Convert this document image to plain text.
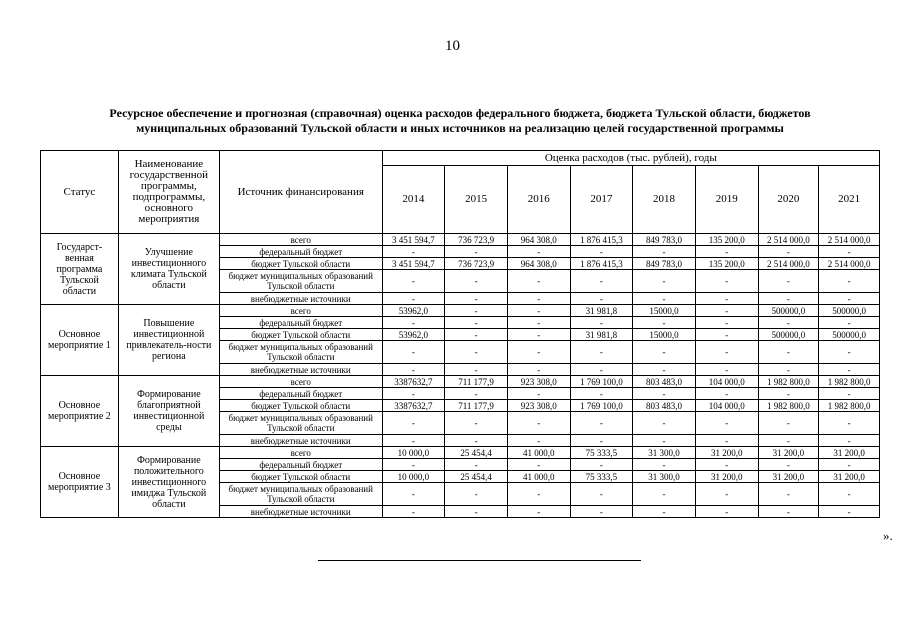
10
Ресурсное обеспечение и прогнозная (справочная) оценка расходов федерального бюджета, бюджета Тульской области, бюджетов
муниципальных образований Тульской области и иных источников на реализацию целей государственной программы
Статус	Наименование государственной программы, подпрограммы, основного мероприятия	Источник финансирования	Оценка расходов (тыс. рублей), годы							
			2014	2015	2016	2017	2018	2019	2020	2021
Государст-венная программа Тульской области	Улучшение инвестиционного климата Тульской области	всего	3 451 594,7	736 723,9	964 308,0	1 876 415,3	849 783,0	135 200,0	2 514 000,0	2 514 000,0
		федеральный бюджет	-	-	-	-	-	-	-	-
		бюджет Тульской области	3 451 594,7	736 723,9	964 308,0	1 876 415,3	849 783,0	135 200,0	2 514 000,0	2 514 000,0
		бюджет муниципальных образований Тульской области	-	-	-	-	-	-	-	-
		внебюджетные источники	-	-	-	-	-	-	-	-
Основное мероприятие 1	Повышение инвестиционной привлекатель-ности региона	всего	53962,0	-	-	31 981,8	15000,0	-	500000,0	500000,0
		федеральный бюджет	-	-	-	-	-	-	-	-
		бюджет Тульской области	53962,0	-	-	31 981,8	15000,0	-	500000,0	500000,0
		бюджет муниципальных образований Тульской области	-	-	-	-	-	-	-	-
		внебюджетные источники	-	-	-	-	-	-	-	-
Основное мероприятие 2	Формирование благоприятной инвестиционной среды	всего	3387632,7	711 177,9	923 308,0	1 769 100,0	803 483,0	104 000,0	1 982 800,0	1 982 800,0
		федеральный бюджет	-	-	-	-	-	-	-	-
		бюджет Тульской области	3387632,7	711 177,9	923 308,0	1 769 100,0	803 483,0	104 000,0	1 982 800,0	1 982 800,0
		бюджет муниципальных образований Тульской области	-	-	-	-	-	-	-	-
		внебюджетные источники	-	-	-	-	-	-	-	-
Основное мероприятие 3	Формирование положительного инвестиционного имиджа Тульской области	всего	10 000,0	25 454,4	41 000,0	75 333,5	31 300,0	31 200,0	31 200,0	31 200,0
		федеральный бюджет	-	-	-	-	-	-	-	-
		бюджет Тульской области	10 000,0	25 454,4	41 000,0	75 333,5	31 300,0	31 200,0	31 200,0	31 200,0
		бюджет муниципальных образований Тульской области	-	-	-	-	-	-	-	-
		внебюджетные источники	-	-	-	-	-	-	-	-
».
